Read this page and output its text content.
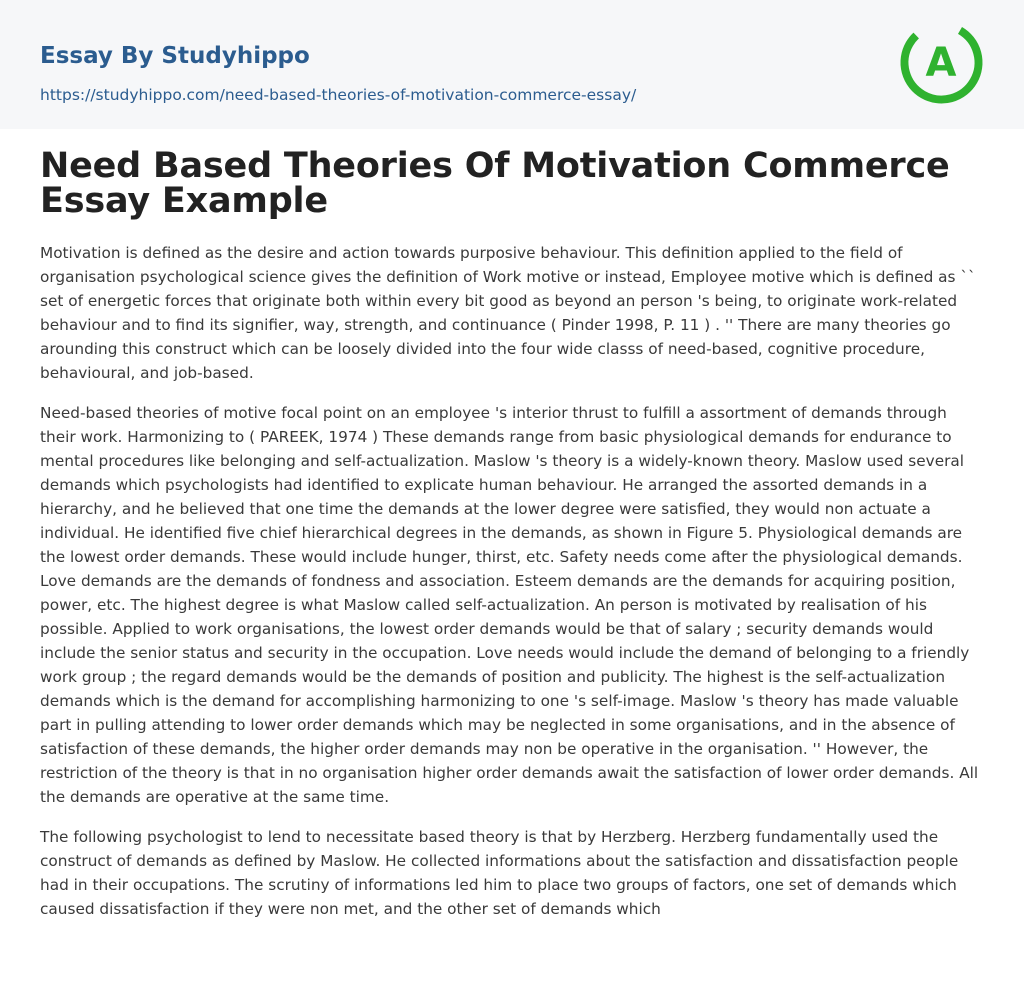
Essay By Studyhippo
https://studyhippo.com/need-based-theories-of-motivation-commerce-essay/
A
Need Based Theories Of Motivation Commerce Essay Example

Motivation is defined as the desire and action towards purposive behaviour. This definition applied to the field of organisation psychological science gives the definition of Work motive or instead, Employee motive which is defined as `` set of energetic forces that originate both within every bit good as beyond an person 's being, to originate work-related behaviour and to find its signifier, way, strength, and continuance ( Pinder 1998, P. 11 ) . '' There are many theories go arounding this construct which can be loosely divided into the four wide classs of need-based, cognitive procedure, behavioural, and job-based.

Need-based theories of motive focal point on an employee 's interior thrust to fulfill a assortment of demands through their work. Harmonizing to ( PAREEK, 1974 ) These demands range from basic physiological demands for endurance to mental procedures like belonging and self-actualization. Maslow 's theory is a widely-known theory. Maslow used several demands which psychologists had identified to explicate human behaviour. He arranged the assorted demands in a hierarchy, and he believed that one time the demands at the lower degree were satisfied, they would non actuate a individual. He identified five chief hierarchical degrees in the demands, as shown in Figure 5. Physiological demands are the lowest order demands. These would include hunger, thirst, etc. Safety needs come after the physiological demands. Love demands are the demands of fondness and association. Esteem demands are the demands for acquiring position, power, etc. The highest degree is what Maslow called self-actualization. An person is motivated by realisation of his possible. Applied to work organisations, the lowest order demands would be that of salary ; security demands would include the senior status and security in the occupation. Love needs would include the demand of belonging to a friendly work group ; the regard demands would be the demands of position and publicity. The highest is the self-actualization demands which is the demand for accomplishing harmonizing to one 's self-image. Maslow 's theory has made valuable part in pulling attending to lower order demands which may be neglected in some organisations, and in the absence of satisfaction of these demands, the higher order demands may non be operative in the organisation. '' However, the restriction of the theory is that in no organisation higher order demands await the satisfaction of lower order demands. All the demands are operative at the same time.

The following psychologist to lend to necessitate based theory is that by Herzberg. Herzberg fundamentally used the construct of demands as defined by Maslow. He collected informations about the satisfaction and dissatisfaction people had in their occupations. The scrutiny of informations led him to place two groups of factors, one set of demands which caused dissatisfaction if they were non met, and the other set of demands which
